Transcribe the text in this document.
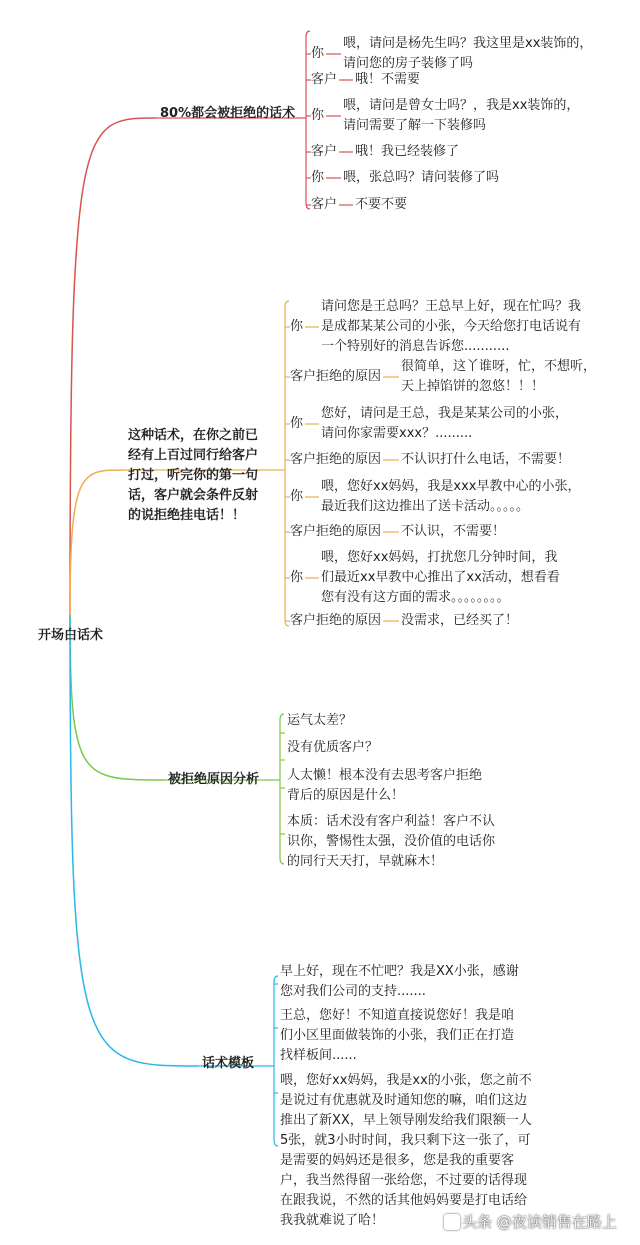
开场白话术
80%都会被拒绝的话术
你
喂，请问是杨先生吗？我这里是xx装饰的，
请问您的房子装修了吗
客户 哦！不需要
你
喂，请问是曾女士吗？，我是xx装饰的，
请问需要了解一下装修吗
客户 哦！我已经装修了
你 喂，张总吗？请问装修了吗
客户 不要不要
这种话术，在你之前已
经有上百过同行给客户
打过，听完你的第一句
话，客户就会条件反射
的说拒绝挂电话！！
你
请问您是王总吗？王总早上好，现在忙吗？我
是成都某某公司的小张，今天给您打电话说有
一个特别好的消息告诉您...........
客户拒绝的原因
很简单，这丫谁呀，忙，不想听，
天上掉馅饼的忽悠！！！
你
您好，请问是王总，我是某某公司的小张，
请问你家需要xxx？.........
客户拒绝的原因 不认识打什么电话，不需要！
你
喂，您好xx妈妈，我是xxx早教中心的小张，
最近我们这边推出了送卡活动。。。。。
客户拒绝的原因 不认识，不需要！
你
喂，您好xx妈妈，打扰您几分钟时间，我
们最近xx早教中心推出了xx活动，想看看
您有没有这方面的需求。。。。。。。。
客户拒绝的原因 没需求，已经买了！
被拒绝原因分析
运气太差？
没有优质客户？
人太懒！根本没有去思考客户拒绝
背后的原因是什么！
本质：话术没有客户利益！客户不认
识你，警惕性太强，没价值的电话你
的同行天天打，早就麻木！
话术模板
早上好，现在不忙吧？我是XX小张，感谢
您对我们公司的支持.......
王总，您好！不知道直接说您好！我是咱
们小区里面做装饰的小张，我们正在打造
找样板间......
喂，您好xx妈妈，我是xx的小张，您之前不
是说过有优惠就及时通知您的嘛，咱们这边
推出了新XX，早上领导刚发给我们限额一人
5张，就3小时时间，我只剩下这一张了，可
是需要的妈妈还是很多，您是我的重要客
户，我当然得留一张给您，不过要的话得现
在跟我说，不然的话其他妈妈要是打电话给
我我就难说了哈！	头条 @夜读销售在路上
